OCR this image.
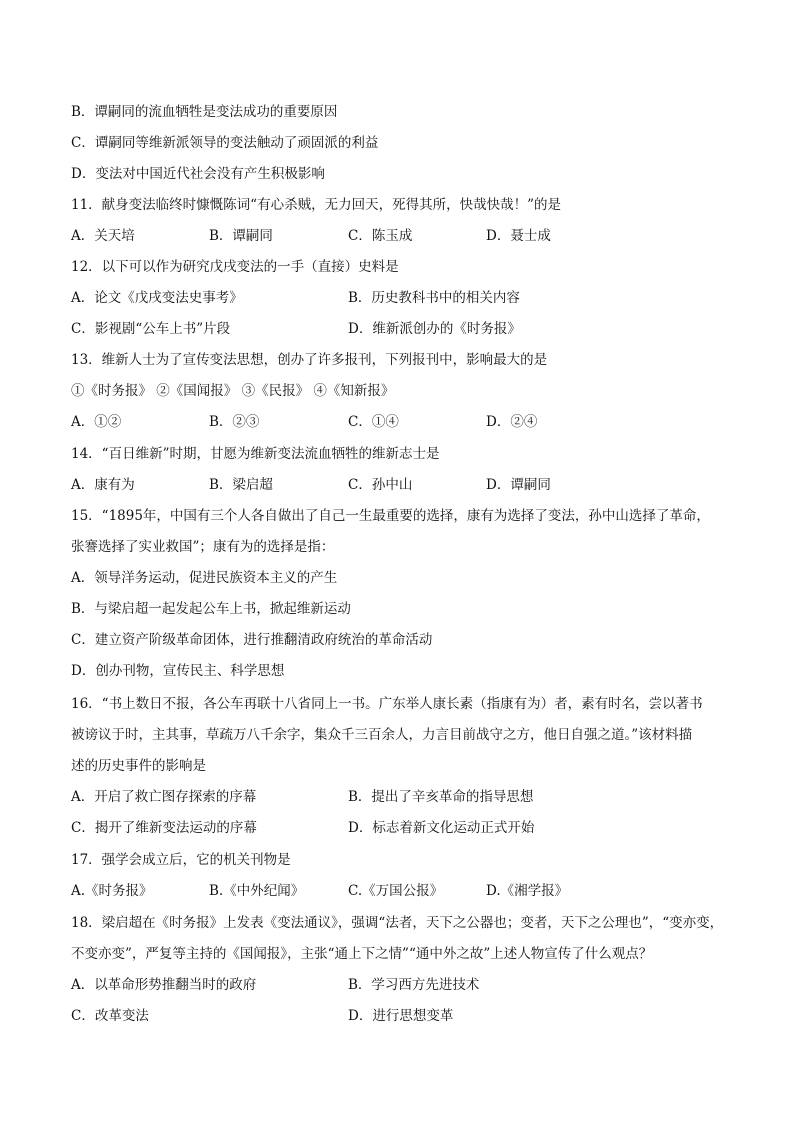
B．谭嗣同的流血牺牲是变法成功的重要原因
C．谭嗣同等维新派领导的变法触动了顽固派的利益
D．变法对中国近代社会没有产生积极影响
11．献身变法临终时慷慨陈词“有心杀贼，无力回天，死得其所，快哉快哉！”的是
A．关天培	B．谭嗣同	C．陈玉成	D．聂士成
12．以下可以作为研究戊戌变法的一手（直接）史料是
A．论文《戊戌变法史事考》	B．历史教科书中的相关内容
C．影视剧“公车上书”片段	D．维新派创办的《时务报》
13．维新人士为了宣传变法思想，创办了许多报刊，下列报刊中，影响最大的是
①《时务报》 ②《国闻报》 ③《民报》 ④《知新报》
A．①②	B．②③	C．①④	D．②④
14．“百日维新”时期，甘愿为维新变法流血牺牲的维新志士是
A．康有为	B．梁启超	C．孙中山	D．谭嗣同
15．“1895年，中国有三个人各自做出了自己一生最重要的选择，康有为选择了变法，孙中山选择了革命，
张謇选择了实业救国”；康有为的选择是指：
A．领导洋务运动，促进民族资本主义的产生
B．与梁启超一起发起公车上书，掀起维新运动
C．建立资产阶级革命团体，进行推翻清政府统治的革命活动
D．创办刊物，宣传民主、科学思想
16．“书上数日不报，各公车再联十八省同上一书。广东举人康长素（指康有为）者，素有时名，尝以著书
被谤议于时，主其事，草疏万八千余字，集众千三百余人，力言目前战守之方，他日自强之道。”该材料描
述的历史事件的影响是
A．开启了救亡图存探索的序幕	B．提出了辛亥革命的指导思想
C．揭开了维新变法运动的序幕	D．标志着新文化运动正式开始
17．强学会成立后，它的机关刊物是
A.《时务报》	B.《中外纪闻》	C.《万国公报》	D.《湘学报》
18．梁启超在《时务报》上发表《变法通议》，强调“法者，天下之公器也；变者，天下之公理也”，“变亦变，
不变亦变”，严复等主持的《国闻报》，主张“通上下之情”“通中外之故”上述人物宣传了什么观点？
A．以革命形势推翻当时的政府	B．学习西方先进技术
C．改革变法	D．进行思想变革
